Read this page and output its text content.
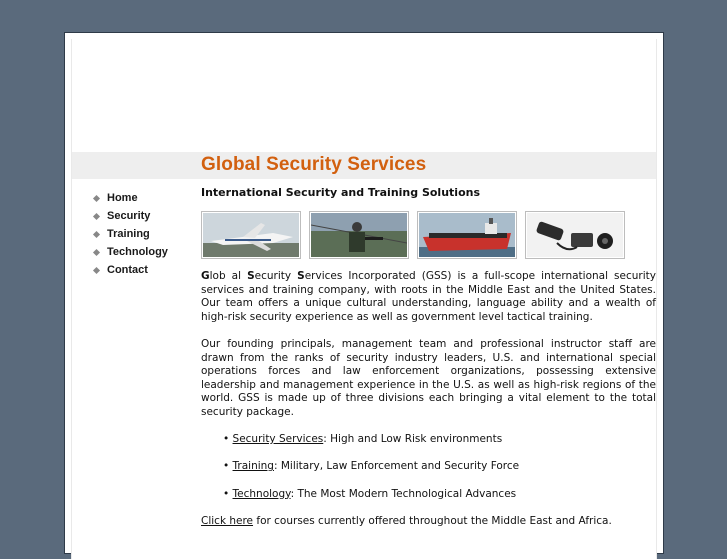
Global Security Services
Home
Security
Training
Technology
Contact
International Security and Training Solutions

Glob al Security Services Incorporated (GSS) is a full-scope international security services and training company, with roots in the Middle East and the United States. Our team offers a unique cultural understanding, language ability and a wealth of high-risk security experience as well as government level tactical training.

Our founding principals, management team and professional instructor staff are drawn from the ranks of security industry leaders, U.S. and international special operations forces and law enforcement organizations, possessing extensive leadership and management experience in the U.S. as well as high-risk regions of the world. GSS is made up of three divisions each bringing a vital element to the total security package.

• Security Services: High and Low Risk environments
• Training: Military, Law Enforcement and Security Force
• Technology: The Most Modern Technological Advances

Click here for courses currently offered throughout the Middle East and Africa.
